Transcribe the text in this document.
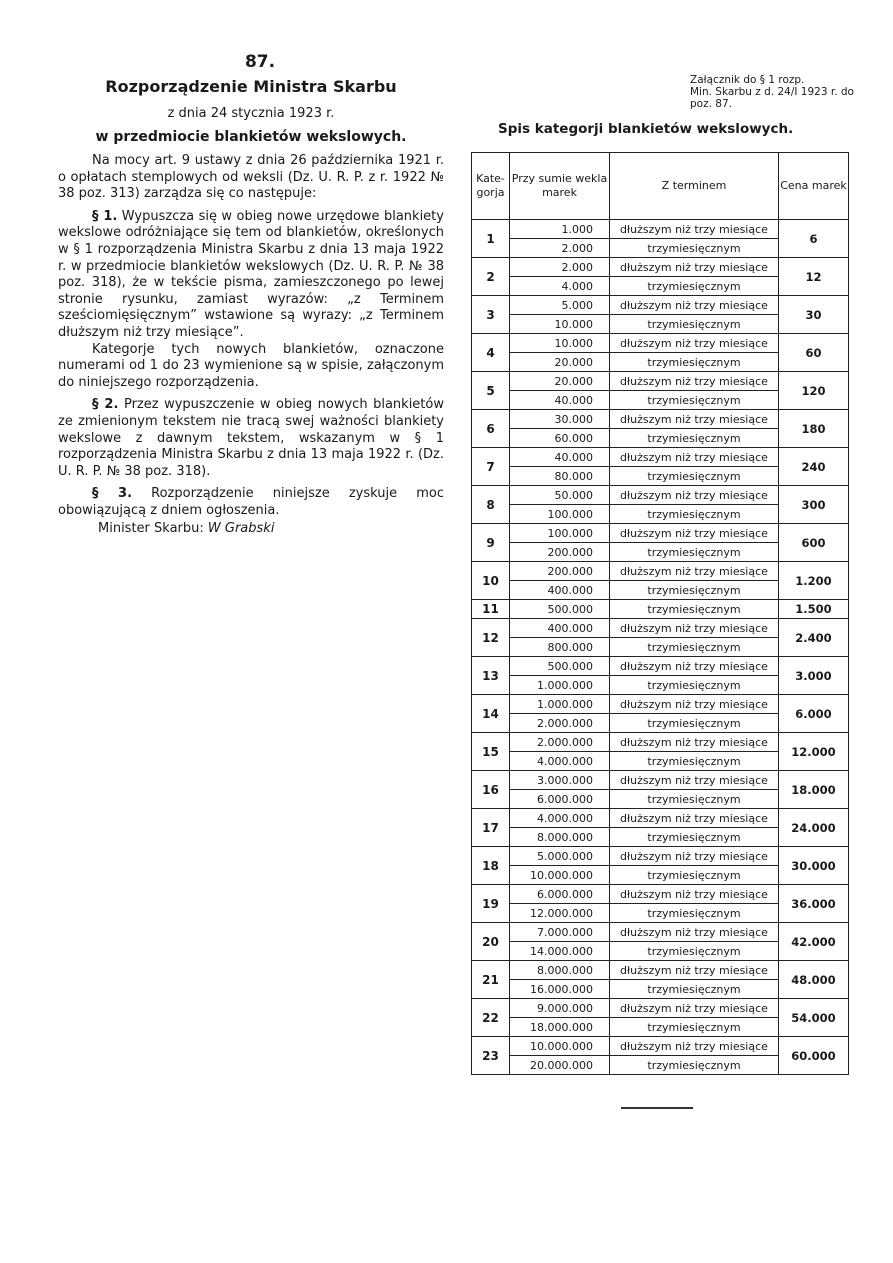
87.
Rozporządzenie Ministra Skarbu
z dnia 24 stycznia 1923 r.
w przedmiocie blankietów wekslowych.

Na mocy art. 9 ustawy z dnia 26 października 1921 r. o opłatach stemplowych od weksli (Dz. U. R. P. z r. 1922 № 38 poz. 313) zarządza się co następuje:

§ 1. Wypuszcza się w obieg nowe urzędowe blankiety wekslowe odróżniające się tem od blankietów, określonych w § 1 rozporządzenia Ministra Skarbu z dnia 13 maja 1922 r. w przedmiocie blankietów wekslowych (Dz. U. R. P. № 38 poz. 318), że w tekście pisma, zamieszczonego po lewej stronie rysunku, zamiast wyrazów: „z Terminem sześciomięsięcznym” wstawione są wyrazy: „z Terminem dłuższym niż trzy miesiące”.

Kategorje tych nowych blankietów, oznaczone numerami od 1 do 23 wymienione są w spisie, załączonym do niniejszego rozporządzenia.

§ 2. Przez wypuszczenie w obieg nowych blankietów ze zmienionym tekstem nie tracą swej ważności blankiety wekslowe z dawnym tekstem, wskazanym w § 1 rozporządzenia Ministra Skarbu z dnia 13 maja 1922 r. (Dz. U. R. P. № 38 poz. 318).

§ 3. Rozporządzenie niniejsze zyskuje moc obowiązującą z dniem ogłoszenia.

Minister Skarbu: W Grabski
Załącznik do § 1 rozp.
Min. Skarbu z d. 24/I 1923 r. do
poz. 87.
Spis kategorji blankietów wekslowych.
Kate-gorja	Przy sumie wekla marek	Z terminem	Cena marek
1	1.000	dłuższym niż trzy miesiące	6
	2.000	trzymiesięcznym	
2	2.000	dłuższym niż trzy miesiące	12
	4.000	trzymiesięcznym	
3	5.000	dłuższym niż trzy miesiące	30
	10.000	trzymiesięcznym	
4	10.000	dłuższym niż trzy miesiące	60
	20.000	trzymiesięcznym	
5	20.000	dłuższym niż trzy miesiące	120
	40.000	trzymiesięcznym	
6	30.000	dłuższym niż trzy miesiące	180
	60.000	trzymiesięcznym	
7	40.000	dłuższym niż trzy miesiące	240
	80.000	trzymiesięcznym	
8	50.000	dłuższym niż trzy miesiące	300
	100.000	trzymiesięcznym	
9	100.000	dłuższym niż trzy miesiące	600
	200.000	trzymiesięcznym	
10	200.000	dłuższym niż trzy miesiące	1.200
	400.000	trzymiesięcznym	
11	500.000	trzymiesięcznym	1.500
12	400.000	dłuższym niż trzy miesiące	2.400
	800.000	trzymiesięcznym	
13	500.000	dłuższym niż trzy miesiące	3.000
	1.000.000	trzymiesięcznym	
14	1.000.000	dłuższym niż trzy miesiące	6.000
	2.000.000	trzymiesięcznym	
15	2.000.000	dłuższym niż trzy miesiące	12.000
	4.000.000	trzymiesięcznym	
16	3.000.000	dłuższym niż trzy miesiące	18.000
	6.000.000	trzymiesięcznym	
17	4.000.000	dłuższym niż trzy miesiące	24.000
	8.000.000	trzymiesięcznym	
18	5.000.000	dłuższym niż trzy miesiące	30.000
	10.000.000	trzymiesięcznym	
19	6.000.000	dłuższym niż trzy miesiące	36.000
	12.000.000	trzymiesięcznym	
20	7.000.000	dłuższym niż trzy miesiące	42.000
	14.000.000	trzymiesięcznym	
21	8.000.000	dłuższym niż trzy miesiące	48.000
	16.000.000	trzymiesięcznym	
22	9.000.000	dłuższym niż trzy miesiące	54.000
	18.000.000	trzymiesięcznym	
23	10.000.000	dłuższym niż trzy miesiące	60.000
	20.000.000	trzymiesięcznym	
